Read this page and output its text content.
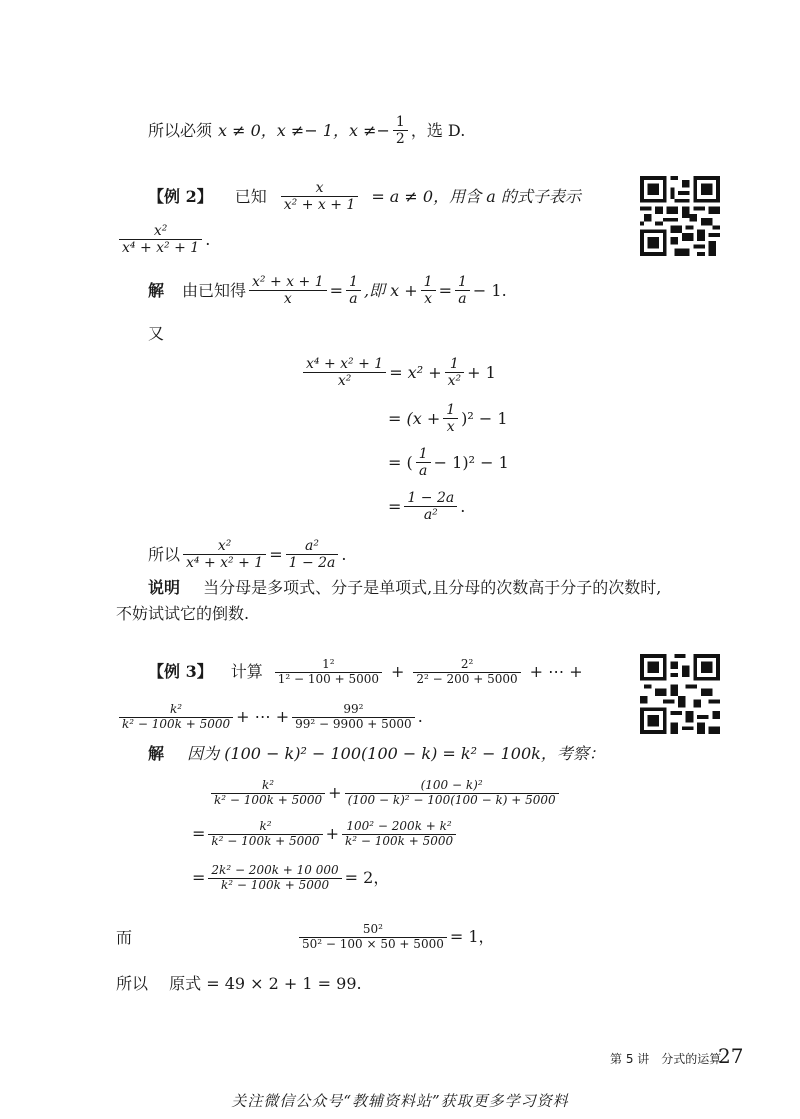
所以必须 x ≠ 0，x ≠− 1，$x \ne- \frac{1}{2}$ ，选 D.
【例 2】 已知 $\frac{x}{\text{x² + x + 1}} = a \ne 0$，用含 a 的式子表示
$\frac{\text{x²}}{\text{x⁴ + x² + 1}}$ .
解 由已知得 $\frac{\text{x² + x + 1}}{x} = \frac{1}{a}$ ,即 $x + \frac{1}{x} = \frac{1}{a} - 1$.
又
$\frac{\text{x⁴ + x² + 1}}{\text{x²}} = x^2 + \frac{1}{\text{x²}} + 1$
= $(x + \frac{1}{x} )^2 - 1$
= ( $\frac{1}{a} - 1)^2 - 1$
= $\frac{1 - 2a}{\text{a²}}$ .
所以 $\frac{\text{x²}}{\text{x⁴ + x² + 1}} = \frac{\text{a²}}{1 - 2a}$ .
说明 当分母是多项式、分子是单项式,且分母的次数高于分子的次数时,
不妨试试它的倒数.
【例 3】 计算 $\frac{\text{1²}}{\text{1² − 100 + 5000}} + \frac{\text{2²}}{\text{2² − 200 + 5000}}$ + ⋯ +
$\frac{\text{k²}}{\text{k² − 100k + 5000}}$ + ⋯ + $\frac{\text{99²}}{\text{99² − 9900 + 5000}}$ .
解 因为 (100 − k)² − 100(100 − k) = k² − 100k，考察：
$\frac{\text{k²}}{\text{k² − 100k + 5000}} + \frac{\text{(100 − k)²}}{\text{(100 − k)² − 100(100 − k) + 5000}}$
= $\frac{\text{k²}}{\text{k² − 100k + 5000}} + \frac{\text{100² − 200k + k²}}{\text{k² − 100k + 5000}}$
= $\frac{\text{2k² − 200k + 10 000}}{\text{k² − 100k + 5000}} = 2$，
而	$\frac{\text{50²}}{\text{50² − 100 × 50 + 5000}} = 1$，
所以 原式 = 49 × 2 + 1 = 99.
第 5 讲　分式的运算
27
关注微信公众号“教辅资料站”获取更多学习资料
